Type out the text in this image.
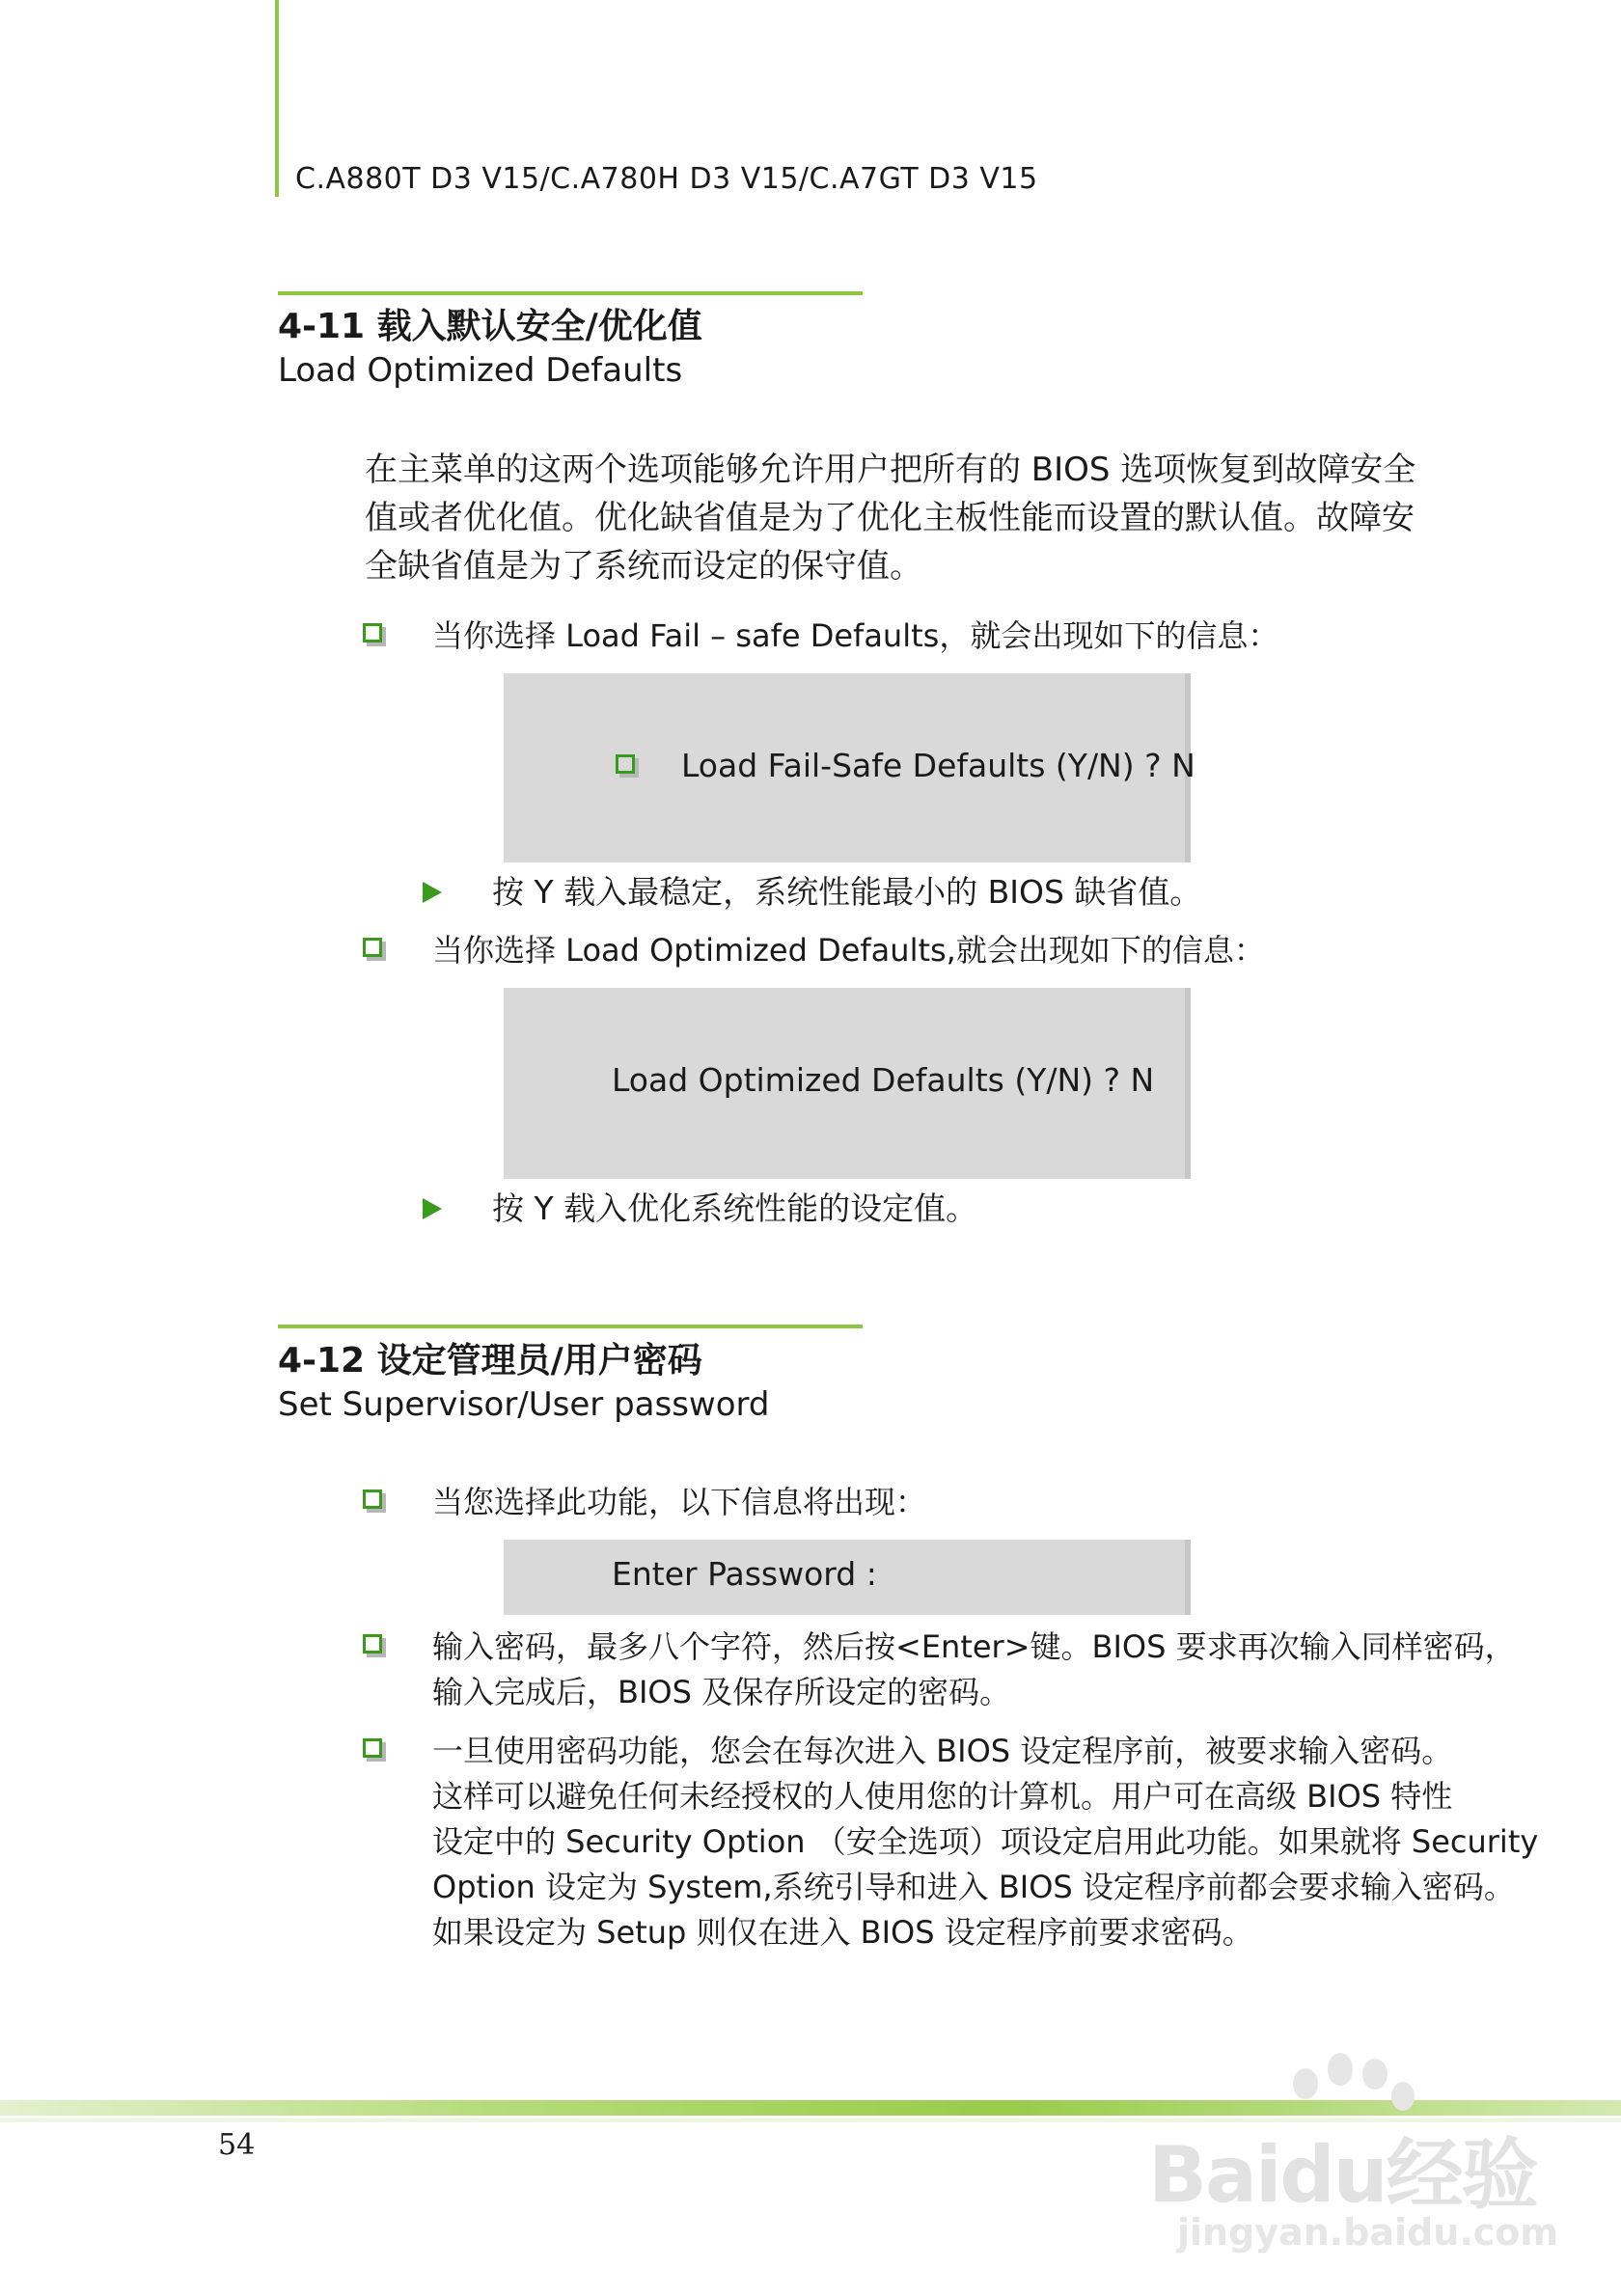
C.A880T D3 V15/C.A780H D3 V15/C.A7GT D3 V15
4-11 载入默认安全/优化值
Load Optimized Defaults
在主菜单的这两个选项能够允许用户把所有的 BIOS 选项恢复到故障安全
值或者优化值。优化缺省值是为了优化主板性能而设置的默认值。故障安
全缺省值是为了系统而设定的保守值。
当你选择 Load Fail – safe Defaults，就会出现如下的信息：
Load Fail-Safe Defaults (Y/N) ? N
按 Y 载入最稳定，系统性能最小的 BIOS 缺省值。
当你选择 Load Optimized Defaults,就会出现如下的信息：
Load Optimized Defaults (Y/N) ? N
按 Y 载入优化系统性能的设定值。
4-12 设定管理员/用户密码
Set Supervisor/User password
当您选择此功能，以下信息将出现：
Enter Password :
输入密码，最多八个字符，然后按<Enter>键。BIOS 要求再次输入同样密码，
输入完成后，BIOS 及保存所设定的密码。
一旦使用密码功能，您会在每次进入 BIOS 设定程序前，被要求输入密码。
这样可以避免任何未经授权的人使用您的计算机。用户可在高级 BIOS 特性
设定中的 Security Option （安全选项）项设定启用此功能。如果就将 Security
Option 设定为 System,系统引导和进入 BIOS 设定程序前都会要求输入密码。
如果设定为 Setup 则仅在进入 BIOS 设定程序前要求密码。
54	Baidu经验
jingyan.baidu.com
